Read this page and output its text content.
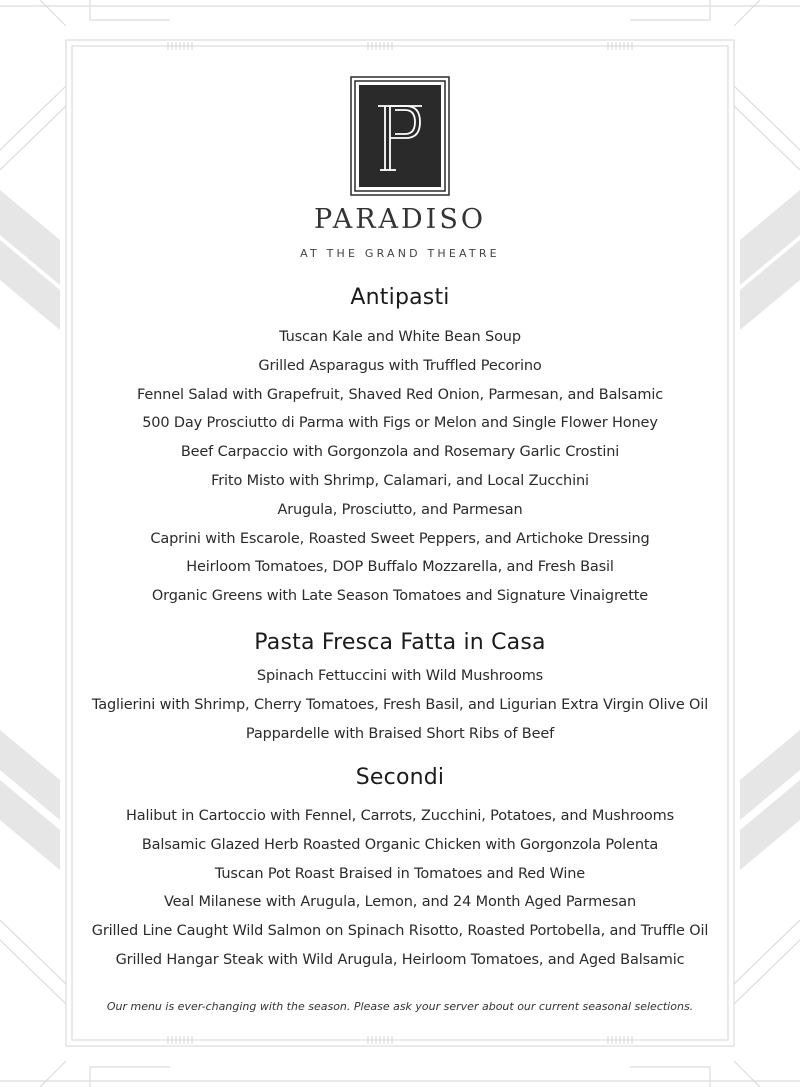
PARADISO
AT THE GRAND THEATRE
Antipasti
Tuscan Kale and White Bean Soup
Grilled Asparagus with Truffled Pecorino
Fennel Salad with Grapefruit, Shaved Red Onion, Parmesan, and Balsamic
500 Day Prosciutto di Parma with Figs or Melon and Single Flower Honey
Beef Carpaccio with Gorgonzola and Rosemary Garlic Crostini
Frito Misto with Shrimp, Calamari, and Local Zucchini
Arugula, Prosciutto, and Parmesan
Caprini with Escarole, Roasted Sweet Peppers, and Artichoke Dressing
Heirloom Tomatoes, DOP Buffalo Mozzarella, and Fresh Basil
Organic Greens with Late Season Tomatoes and Signature Vinaigrette
Pasta Fresca Fatta in Casa
Spinach Fettuccini with Wild Mushrooms
Taglierini with Shrimp, Cherry Tomatoes, Fresh Basil, and Ligurian Extra Virgin Olive Oil
Pappardelle with Braised Short Ribs of Beef
Secondi
Halibut in Cartoccio with Fennel, Carrots, Zucchini, Potatoes, and Mushrooms
Balsamic Glazed Herb Roasted Organic Chicken with Gorgonzola Polenta
Tuscan Pot Roast Braised in Tomatoes and Red Wine
Veal Milanese with Arugula, Lemon, and 24 Month Aged Parmesan
Grilled Line Caught Wild Salmon on Spinach Risotto, Roasted Portobella, and Truffle Oil
Grilled Hangar Steak with Wild Arugula, Heirloom Tomatoes, and Aged Balsamic
Our menu is ever-changing with the season. Please ask your server about our current seasonal selections.
